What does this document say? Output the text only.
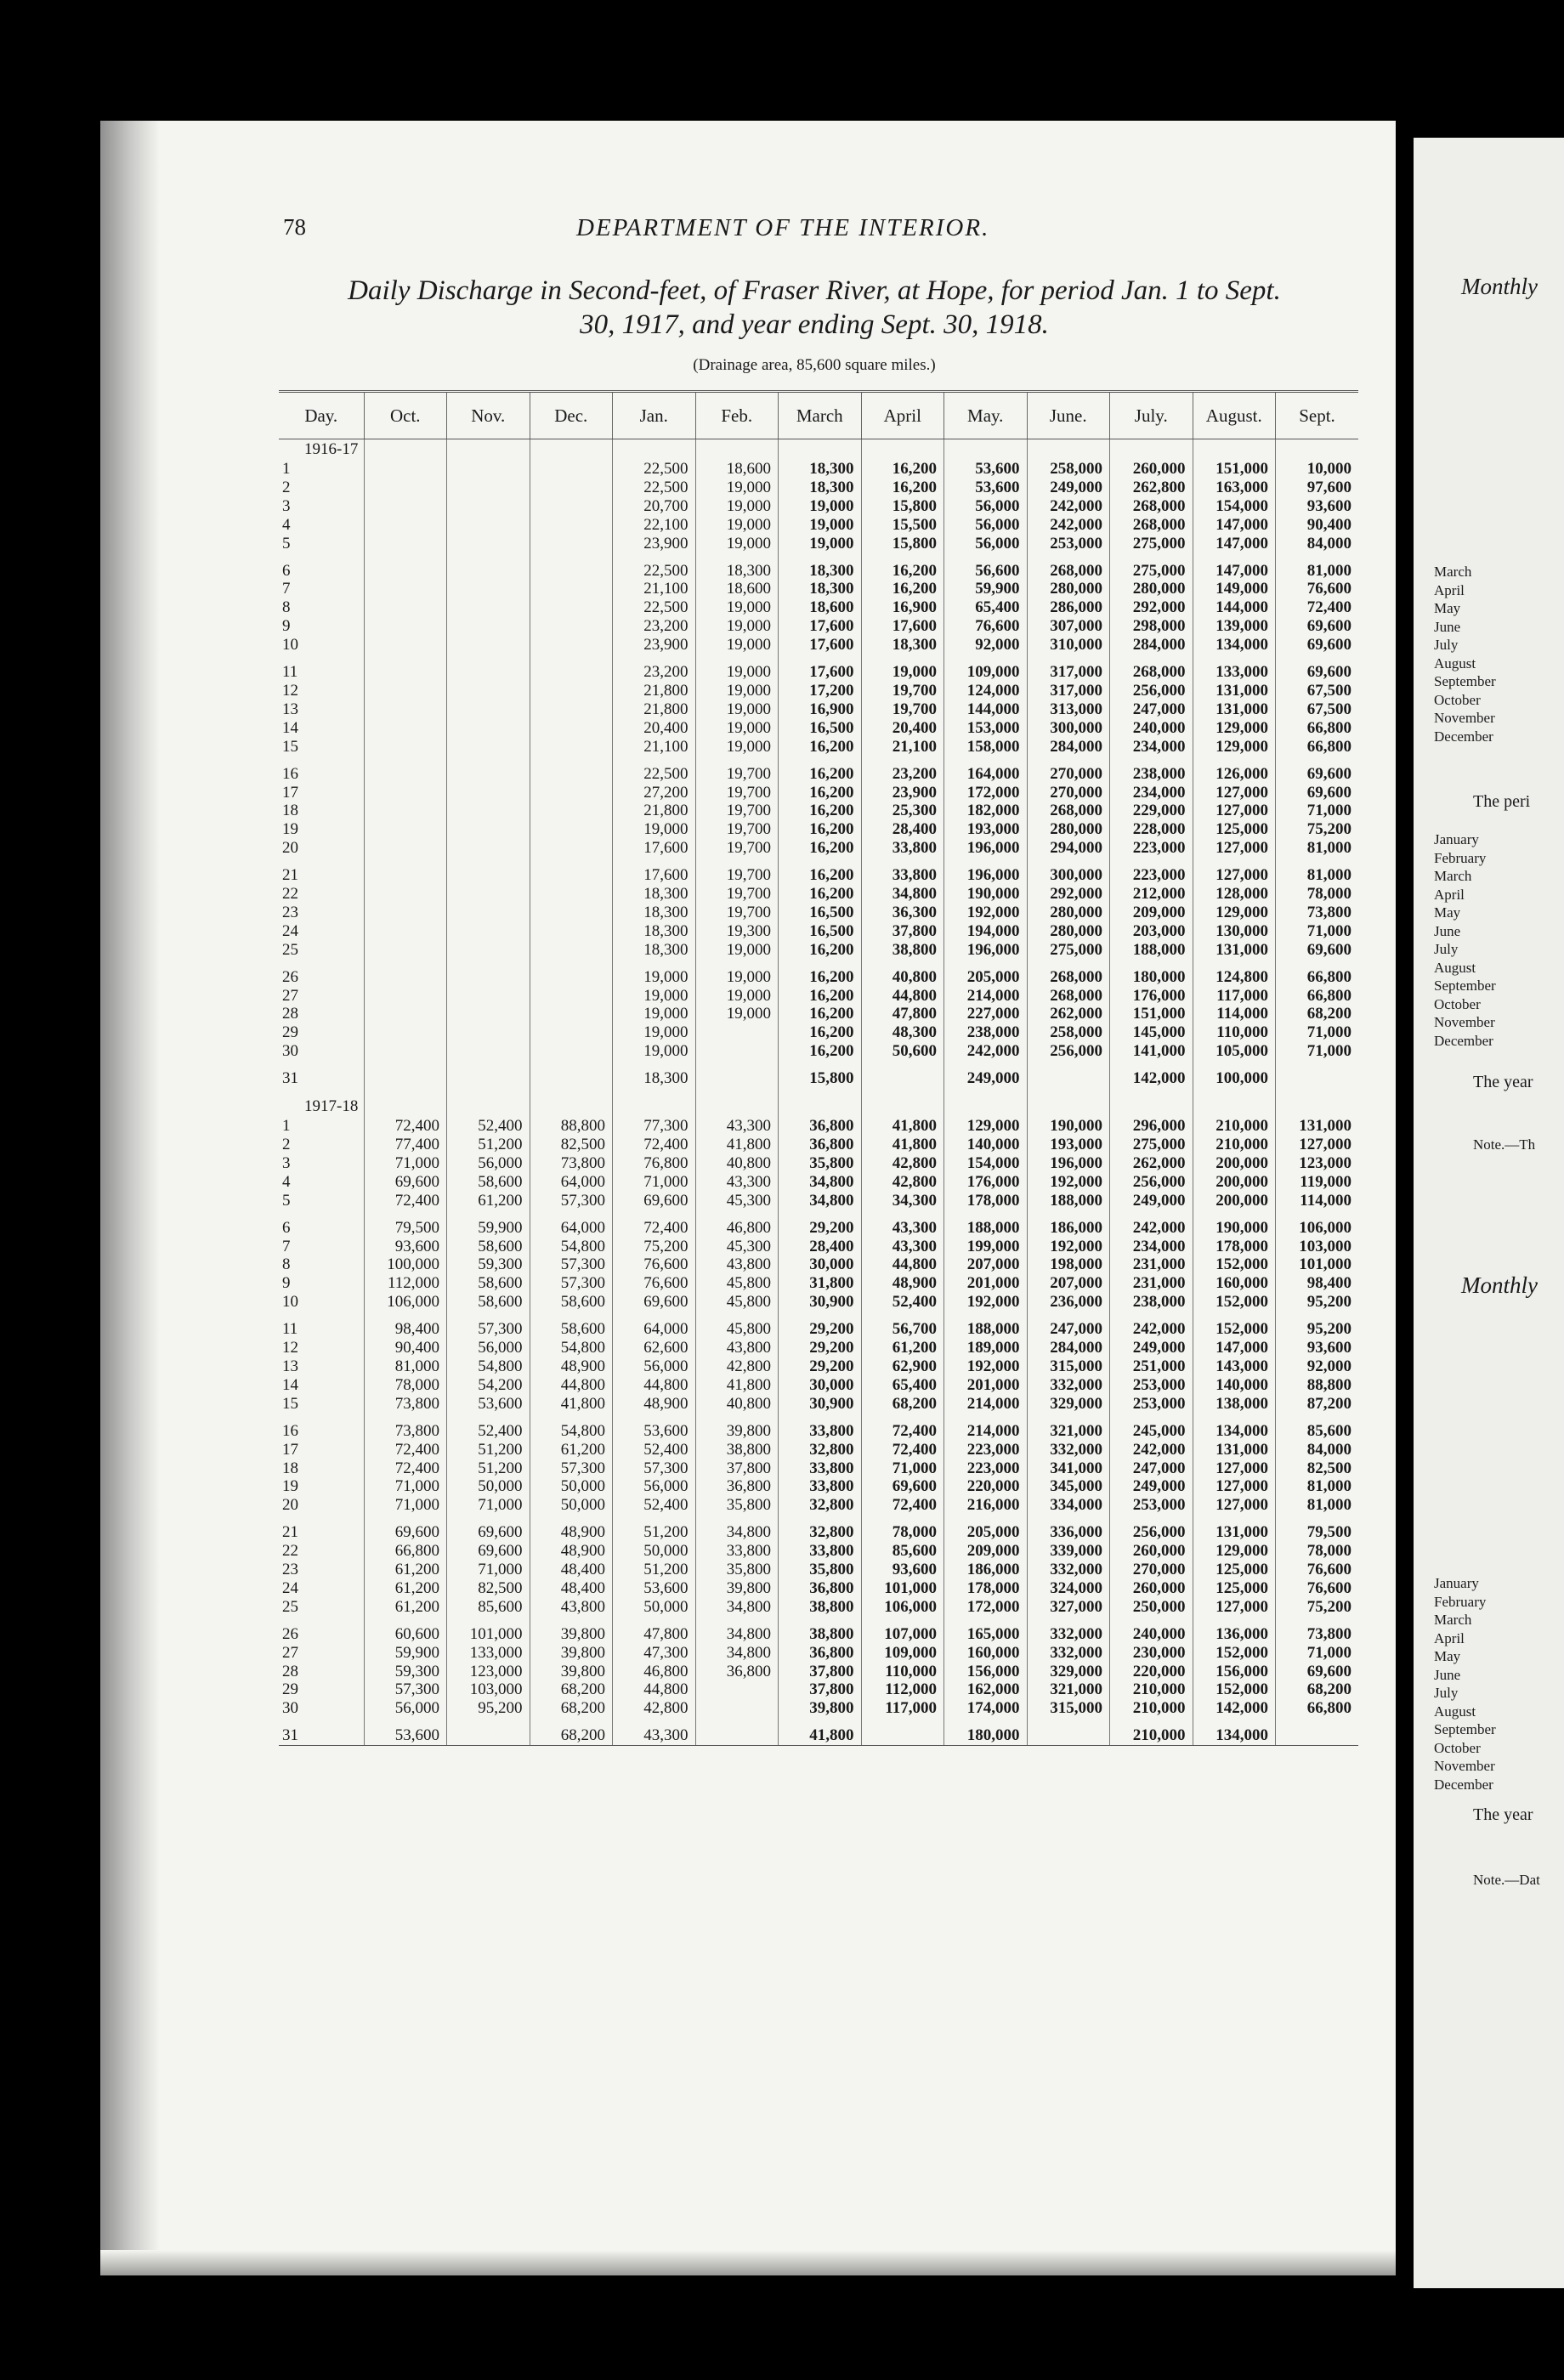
78	DEPARTMENT OF THE INTERIOR.
Daily Discharge in Second-feet, of Fraser River, at Hope, for period Jan. 1 to Sept.
30, 1917, and year ending Sept. 30, 1918.
(Drainage area, 85,600 square miles.)
Day.	Oct.	Nov.	Dec.	Jan.	Feb.	March	April	May.	June.	July.	August.	Sept.
1916-17												
1				22,500	18,600	18,300	16,200	53,600	258,000	260,000	151,000	10,000
2				22,500	19,000	18,300	16,200	53,600	249,000	262,800	163,000	97,600
3				20,700	19,000	19,000	15,800	56,000	242,000	268,000	154,000	93,600
4				22,100	19,000	19,000	15,500	56,000	242,000	268,000	147,000	90,400
5				23,900	19,000	19,000	15,800	56,000	253,000	275,000	147,000	84,000

6				22,500	18,300	18,300	16,200	56,600	268,000	275,000	147,000	81,000
7				21,100	18,600	18,300	16,200	59,900	280,000	280,000	149,000	76,600
8				22,500	19,000	18,600	16,900	65,400	286,000	292,000	144,000	72,400
9				23,200	19,000	17,600	17,600	76,600	307,000	298,000	139,000	69,600
10				23,900	19,000	17,600	18,300	92,000	310,000	284,000	134,000	69,600

11				23,200	19,000	17,600	19,000	109,000	317,000	268,000	133,000	69,600
12				21,800	19,000	17,200	19,700	124,000	317,000	256,000	131,000	67,500
13				21,800	19,000	16,900	19,700	144,000	313,000	247,000	131,000	67,500
14				20,400	19,000	16,500	20,400	153,000	300,000	240,000	129,000	66,800
15				21,100	19,000	16,200	21,100	158,000	284,000	234,000	129,000	66,800

16				22,500	19,700	16,200	23,200	164,000	270,000	238,000	126,000	69,600
17				27,200	19,700	16,200	23,900	172,000	270,000	234,000	127,000	69,600
18				21,800	19,700	16,200	25,300	182,000	268,000	229,000	127,000	71,000
19				19,000	19,700	16,200	28,400	193,000	280,000	228,000	125,000	75,200
20				17,600	19,700	16,200	33,800	196,000	294,000	223,000	127,000	81,000

21				17,600	19,700	16,200	33,800	196,000	300,000	223,000	127,000	81,000
22				18,300	19,700	16,200	34,800	190,000	292,000	212,000	128,000	78,000
23				18,300	19,700	16,500	36,300	192,000	280,000	209,000	129,000	73,800
24				18,300	19,300	16,500	37,800	194,000	280,000	203,000	130,000	71,000
25				18,300	19,000	16,200	38,800	196,000	275,000	188,000	131,000	69,600

26				19,000	19,000	16,200	40,800	205,000	268,000	180,000	124,800	66,800
27				19,000	19,000	16,200	44,800	214,000	268,000	176,000	117,000	66,800
28				19,000	19,000	16,200	47,800	227,000	262,000	151,000	114,000	68,200
29				19,000		16,200	48,300	238,000	258,000	145,000	110,000	71,000
30				19,000		16,200	50,600	242,000	256,000	141,000	105,000	71,000

31				18,300		15,800		249,000		142,000	100,000	

1917-18												
1	72,400	52,400	88,800	77,300	43,300	36,800	41,800	129,000	190,000	296,000	210,000	131,000
2	77,400	51,200	82,500	72,400	41,800	36,800	41,800	140,000	193,000	275,000	210,000	127,000
3	71,000	56,000	73,800	76,800	40,800	35,800	42,800	154,000	196,000	262,000	200,000	123,000
4	69,600	58,600	64,000	71,000	43,300	34,800	42,800	176,000	192,000	256,000	200,000	119,000
5	72,400	61,200	57,300	69,600	45,300	34,800	34,300	178,000	188,000	249,000	200,000	114,000

6	79,500	59,900	64,000	72,400	46,800	29,200	43,300	188,000	186,000	242,000	190,000	106,000
7	93,600	58,600	54,800	75,200	45,300	28,400	43,300	199,000	192,000	234,000	178,000	103,000
8	100,000	59,300	57,300	76,600	43,800	30,000	44,800	207,000	198,000	231,000	152,000	101,000
9	112,000	58,600	57,300	76,600	45,800	31,800	48,900	201,000	207,000	231,000	160,000	98,400
10	106,000	58,600	58,600	69,600	45,800	30,900	52,400	192,000	236,000	238,000	152,000	95,200

11	98,400	57,300	58,600	64,000	45,800	29,200	56,700	188,000	247,000	242,000	152,000	95,200
12	90,400	56,000	54,800	62,600	43,800	29,200	61,200	189,000	284,000	249,000	147,000	93,600
13	81,000	54,800	48,900	56,000	42,800	29,200	62,900	192,000	315,000	251,000	143,000	92,000
14	78,000	54,200	44,800	44,800	41,800	30,000	65,400	201,000	332,000	253,000	140,000	88,800
15	73,800	53,600	41,800	48,900	40,800	30,900	68,200	214,000	329,000	253,000	138,000	87,200

16	73,800	52,400	54,800	53,600	39,800	33,800	72,400	214,000	321,000	245,000	134,000	85,600
17	72,400	51,200	61,200	52,400	38,800	32,800	72,400	223,000	332,000	242,000	131,000	84,000
18	72,400	51,200	57,300	57,300	37,800	33,800	71,000	223,000	341,000	247,000	127,000	82,500
19	71,000	50,000	50,000	56,000	36,800	33,800	69,600	220,000	345,000	249,000	127,000	81,000
20	71,000	71,000	50,000	52,400	35,800	32,800	72,400	216,000	334,000	253,000	127,000	81,000

21	69,600	69,600	48,900	51,200	34,800	32,800	78,000	205,000	336,000	256,000	131,000	79,500
22	66,800	69,600	48,900	50,000	33,800	33,800	85,600	209,000	339,000	260,000	129,000	78,000
23	61,200	71,000	48,400	51,200	35,800	35,800	93,600	186,000	332,000	270,000	125,000	76,600
24	61,200	82,500	48,400	53,600	39,800	36,800	101,000	178,000	324,000	260,000	125,000	76,600
25	61,200	85,600	43,800	50,000	34,800	38,800	106,000	172,000	327,000	250,000	127,000	75,200

26	60,600	101,000	39,800	47,800	34,800	38,800	107,000	165,000	332,000	240,000	136,000	73,800
27	59,900	133,000	39,800	47,300	34,800	36,800	109,000	160,000	332,000	230,000	152,000	71,000
28	59,300	123,000	39,800	46,800	36,800	37,800	110,000	156,000	329,000	220,000	156,000	69,600
29	57,300	103,000	68,200	44,800		37,800	112,000	162,000	321,000	210,000	152,000	68,200
30	56,000	95,200	68,200	42,800		39,800	117,000	174,000	315,000	210,000	142,000	66,800

31	53,600		68,200	43,300		41,800		180,000		210,000	134,000	
Monthly
March
April
May
June
July
August
September
October
November
December
The peri
January
February
March
April
May
June
July
August
September
October
November
December
The year
Note.—Th
Monthly
January
February
March
April
May
June
July
August
September
October
November
December
The year
Note.—Dat
